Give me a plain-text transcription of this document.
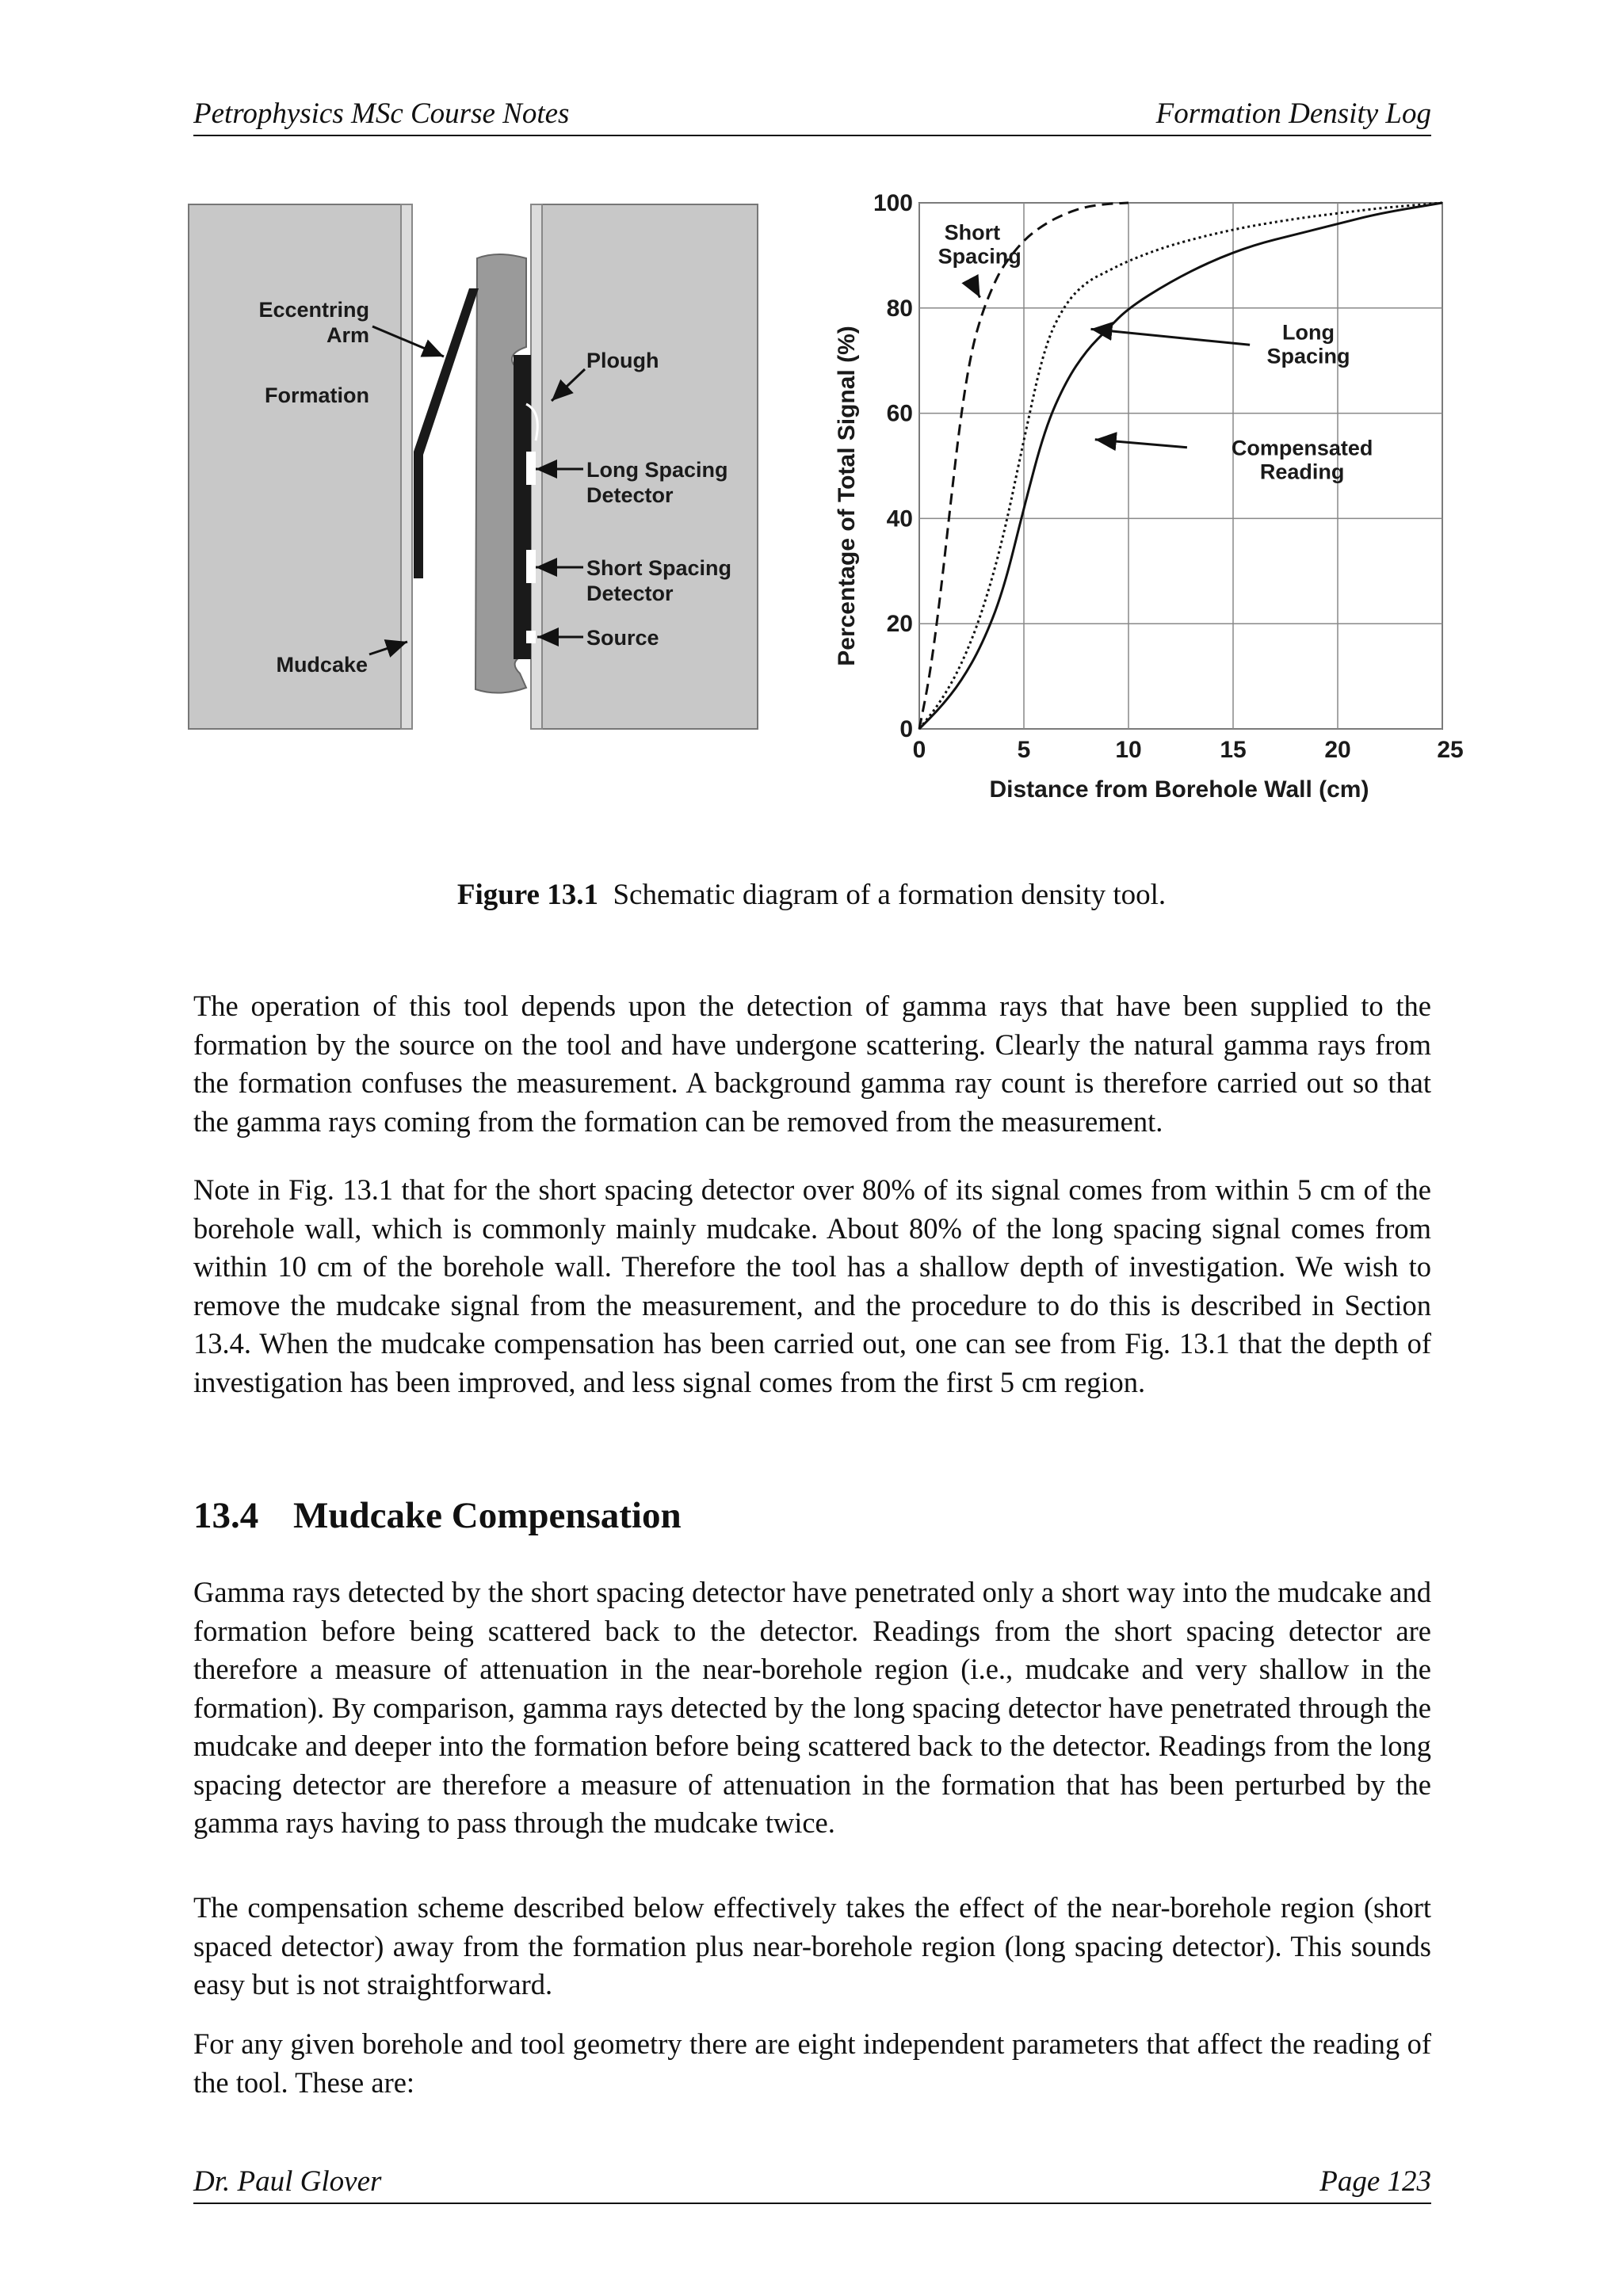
Petrophysics MSc Course Notes	Formation Density Log
Eccentring
Arm
Formation
Plough
Long Spacing
Detector
Short Spacing
Detector
Source
Mudcake
0	5	10	15	20	25
0
20
40
60
80
100
Distance from Borehole Wall (cm)
Percentage of Total Signal (%)
Short
Spacing
Long
Spacing
Compensated
Reading
Figure 13.1 Schematic diagram of a formation density tool.

The operation of this tool depends upon the detection of gamma rays that have been supplied to the formation by the source on the tool and have undergone scattering. Clearly the natural gamma rays from the formation confuses the measurement. A background gamma ray count is therefore carried out so that the gamma rays coming from the formation can be removed from the measurement.

Note in Fig. 13.1 that for the short spacing detector over 80% of its signal comes from within 5 cm of the borehole wall, which is commonly mainly mudcake. About 80% of the long spacing signal comes from within 10 cm of the borehole wall. Therefore the tool has a shallow depth of investigation. We wish to remove the mudcake signal from the measurement, and the procedure to do this is described in Section 13.4. When the mudcake compensation has been carried out, one can see from Fig. 13.1 that the depth of investigation has been improved, and less signal comes from the first 5 cm region.

13.4 Mudcake Compensation

Gamma rays detected by the short spacing detector have penetrated only a short way into the mudcake and formation before being scattered back to the detector. Readings from the short spacing detector are therefore a measure of attenuation in the near-borehole region (i.e., mudcake and very shallow in the formation). By comparison, gamma rays detected by the long spacing detector have penetrated through the mudcake and deeper into the formation before being scattered back to the detector. Readings from the long spacing detector are therefore a measure of attenuation in the formation that has been perturbed by the gamma rays having to pass through the mudcake twice.

The compensation scheme described below effectively takes the effect of the near-borehole region (short spaced detector) away from the formation plus near-borehole region (long spacing detector). This sounds easy but is not straightforward.

For any given borehole and tool geometry there are eight independent parameters that affect the reading of the tool. These are:

Dr. Paul Glover	Page 123
